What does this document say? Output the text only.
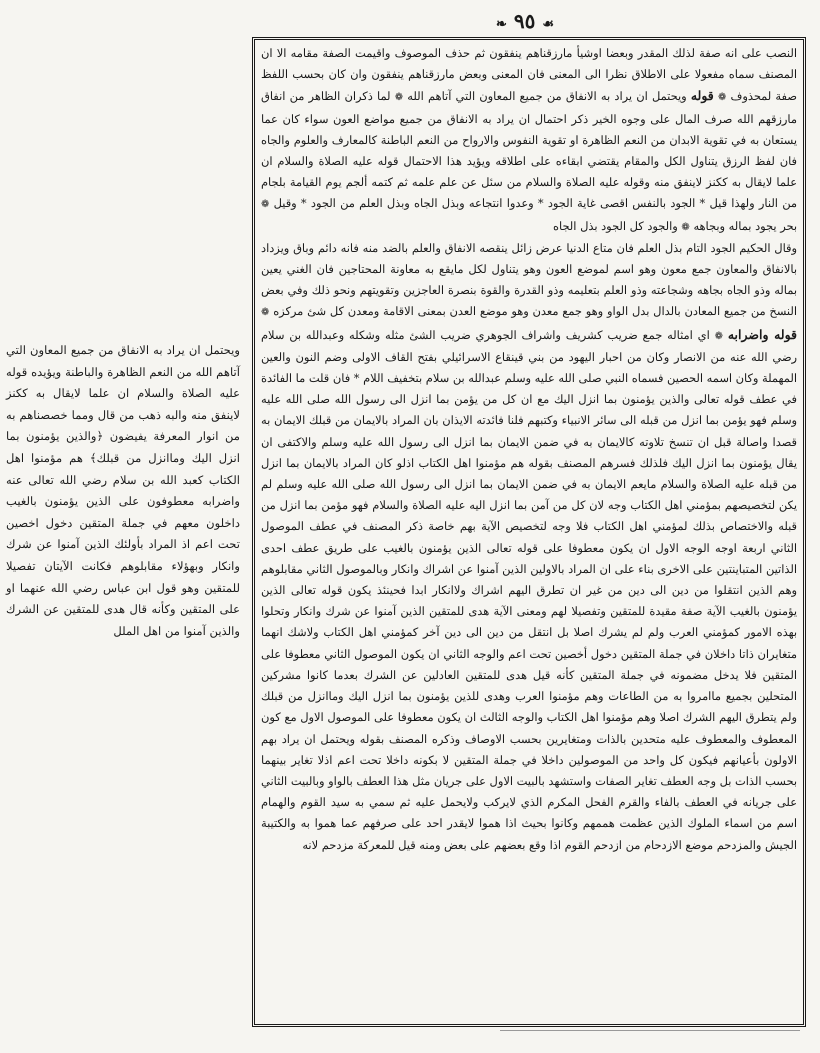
❧ ٩٥ ☙

النصب على انه صفة لذلك المقدر وبعضا اوشيأ مارزقناهم ينفقون ثم حذف الموصوف واقيمت الصفة مقامه الا ان المصنف سماه مفعولا على الاطلاق نظرا الى المعنى فان المعنى وبعض مارزقناهم ينفقون وان كان بحسب اللفظ صفة لمحذوف ❁ قوله ويحتمل ان يراد به الانفاق من جميع المعاون التي آتاهم الله ❁ لما ذكران الظاهر من انفاق مارزقهم الله صرف المال على وجوه الخير ذكر احتمال ان يراد به الانفاق من جميع مواضع العون سواء كان عما يستعان به في تقوية الابدان من النعم الظاهرة او تقوية النفوس والارواح من النعم الباطنة كالمعارف والعلوم والجاه فان لفظ الرزق يتناول الكل والمقام يقتضي ابقاءه على اطلاقه ويؤيد هذا الاحتمال قوله عليه الصلاة والسلام ان علما لايقال به ككنز لاينفق منه وقوله عليه الصلاة والسلام من سئل عن علم علمه ثم كتمه ألجم يوم القيامة بلجام من النار ولهذا قيل * الجود بالنفس اقصى غاية الجود * وعدوا انتجاعه وبذل الجاه وبذل العلم من الجود * وقيل ❁ بحر يجود بماله وبجاهه ❁ والجود كل الجود بذل الجاه

وقال الحكيم الجود التام بذل العلم فان متاع الدنيا عرض زائل ينقصه الانفاق والعلم بالضد منه فانه دائم وباق ويزداد بالانفاق والمعاون جمع معون وهو اسم لموضع العون وهو يتناول لكل مايقع به معاونة المحتاجين فان الغني يعين بماله وذو الجاه بجاهه وشجاعته وذو العلم بتعليمه وذو القدرة والقوة بنصرة العاجزين وتقويتهم ونحو ذلك وفي بعض النسخ من جميع المعادن بالدال بدل الواو وهو جمع معدن وهو موضع العدن بمعنى الاقامة ومعدن كل شئ مركزه ❁ قوله واضرابه ❁ اي امثاله جمع ضريب كشريف واشراف الجوهري ضريب الشئ مثله وشكله وعبدالله بن سلام رضي الله عنه من الانصار وكان من احبار اليهود من بني قينقاع الاسرائيلي بفتح القاف الاولى وضم النون والعين المهملة وكان اسمه الحصين فسماه النبي صلى الله عليه وسلم عبدالله بن سلام بتخفيف اللام * فان قلت ما الفائدة في عطف قوله تعالى والذين يؤمنون بما انزل اليك مع ان كل من يؤمن بما انزل الى رسول الله صلى الله عليه وسلم فهو يؤمن بما انزل من قبله الى سائر الانبياء وكتبهم فلنا فائدته الايذان بان المراد بالايمان من قبلك الايمان به قصدا واصالة قبل ان تنسخ تلاوته كالايمان به في ضمن الايمان بما انزل الى رسول الله عليه وسلم والاكتفى ان يقال يؤمنون بما انزل اليك فلذلك فسرهم المصنف بقوله هم مؤمنوا اهل الكتاب اذلو كان المراد بالايمان بما انزل من قبله عليه الصلاة والسلام مايعم الايمان به في ضمن الايمان بما انزل الى رسول الله صلى الله عليه وسلم لم يكن لتخصيصهم بمؤمني اهل الكتاب وجه لان كل من آمن بما انزل اليه عليه الصلاة والسلام فهو مؤمن بما انزل من قبله والاختصاص بذلك لمؤمني اهل الكتاب فلا وجه لتخصيص الآية بهم خاصة ذكر المصنف في عطف الموصول الثاني اربعة اوجه الوجه الاول ان يكون معطوفا على قوله تعالى الذين يؤمنون بالغيب على طريق عطف احدى الذاتين المتباينتين على الاخرى بناء على ان المراد بالاولين الذين آمنوا عن اشراك وانكار وبالموصول الثاني مقابلوهم وهم الذين انتقلوا من دين الى دين من غير ان تطرق اليهم اشراك ولاانكار ابدا فحينئذ يكون قوله تعالى الذين يؤمنون بالغيب الآية صفة مقيدة للمتقين وتفصيلا لهم ومعنى الآية هدى للمتقين الذين آمنوا عن شرك وانكار وتحلوا بهذه الامور كمؤمني العرب ولم لم يشرك اصلا بل انتقل من دين الى دين آخر كمؤمني اهل الكتاب ولاشك انهما متغايران ذاتا داخلان في جملة المتقين دخول أخصين تحت اعم والوجه الثاني ان يكون الموصول الثاني معطوفا على المتقين فلا يدخل مضمونه في جملة المتقين كأنه قيل هدى للمتقين العادلين عن الشرك بعدما كانوا مشركين المتحلين بجميع ماامروا به من الطاعات وهم مؤمنوا العرب وهدى للذين يؤمنون بما انزل اليك وماانزل من قبلك ولم يتطرق اليهم الشرك اصلا وهم مؤمنوا اهل الكتاب والوجه الثالث ان يكون معطوفا على الموصول الاول مع كون المعطوف والمعطوف عليه متحدين بالذات ومتغايرين بحسب الاوصاف وذكره المصنف بقوله ويحتمل ان يراد بهم الاولون بأعيانهم فيكون كل واحد من الموصولين داخلا في جملة المتقين لا بكونه داخلا تحت اعم اذلا تغاير بينهما بحسب الذات بل وجه العطف تغاير الصفات واستشهد بالبيت الاول على جريان مثل هذا العطف بالواو وبالبيت الثاني على جريانه في العطف بالفاء والقرم الفحل المكرم الذي لايركب ولايحمل عليه ثم سمي به سيد القوم والهمام اسم من اسماء الملوك الذين عظمت هممهم وكانوا بحيث اذا هموا لايقدر احد على صرفهم عما هموا به والكتيبة الجيش والمزدحم موضع الازدحام من ازدحم القوم اذا وقع بعضهم على بعض ومنه قيل للمعركة مزدحم لانه

ويحتمل ان يراد به الانفاق من جميع المعاون التي آتاهم الله من النعم الظاهرة والباطنة ويؤيده قوله عليه الصلاة والسلام ان علما لايقال به ككنز لاينفق منه والبه ذهب من قال ومما خصصناهم به من انوار المعرفة يفيضون ﴿والذين يؤمنون بما انزل اليك وماانزل من قبلك﴾ هم مؤمنوا اهل الكتاب كعبد الله بن سلام رضي الله تعالى عنه واضرابه معطوفون على الذين يؤمنون بالغيب داخلون معهم في جملة المتقين دخول اخصين تحت اعم اذ المراد بأولئك الذين آمنوا عن شرك وانكار وبهؤلاء مقابلوهم فكانت الآيتان تفصيلا للمتقين وهو قول ابن عباس رضي الله عنهما او على المتقين وكأنه قال هدى للمتقين عن الشرك والذين آمنوا من اهل الملل
